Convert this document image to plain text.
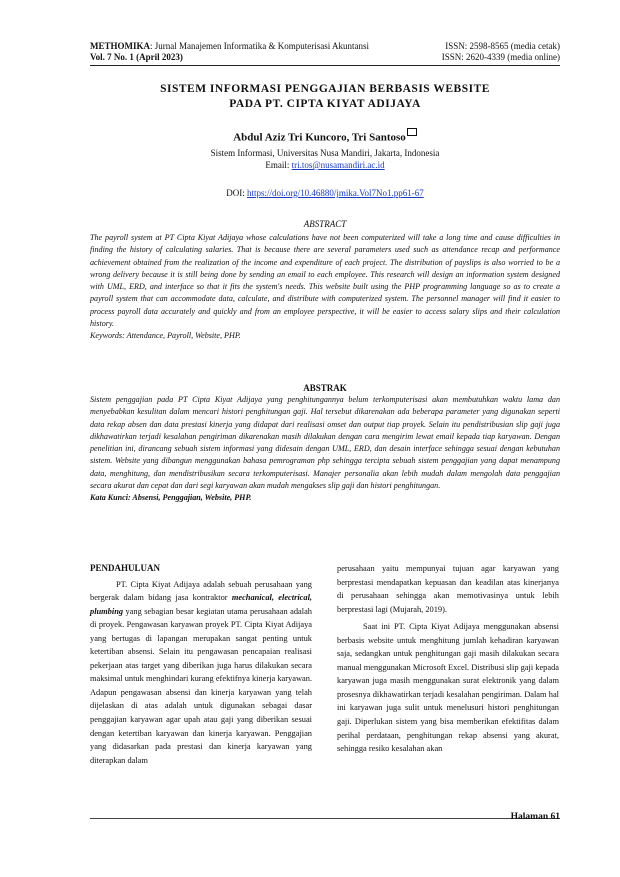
METHOMIKA: Jurnal Manajemen Informatika & Komputerisasi Akuntansi	ISSN: 2598-8565 (media cetak)
Vol. 7 No. 1 (April 2023)	ISSN: 2620-4339 (media online)
SISTEM INFORMASI PENGGAJIAN BERBASIS WEBSITE
PADA PT. CIPTA KIYAT ADIJAYA
Abdul Aziz Tri Kuncoro, Tri Santoso
Sistem Informasi, Universitas Nusa Mandiri, Jakarta, Indonesia
Email: tri.tos@nusamandiri.ac.id
DOI: https://doi.org/10.46880/jmika.Vol7No1.pp61-67
ABSTRACT
The payroll system at PT Cipta Kiyat Adijaya whose calculations have not been computerized will take a long time and cause difficulties in finding the history of calculating salaries. That is because there are several parameters used such as attendance recap and performance achievement obtained from the realization of the income and expenditure of each project. The distribution of payslips is also worried to be a wrong delivery because it is still being done by sending an email to each employee. This research will design an information system designed with UML, ERD, and interface so that it fits the system's needs. This website built using the PHP programming language so as to create a payroll system that can accommodate data, calculate, and distribute with computerized system. The personnel manager will find it easier to process payroll data accurately and quickly and from an employee perspective, it will be easier to access salary slips and their calculation history.
Keywords: Attendance, Payroll, Website, PHP.
ABSTRAK
Sistem penggajian pada PT Cipta Kiyat Adijaya yang penghitungannya belum terkomputerisasi akan membutuhkan waktu lama dan menyebabkan kesulitan dalam mencari histori penghitungan gaji. Hal tersebut dikarenakan ada beberapa parameter yang digunakan seperti data rekap absen dan data prestasi kinerja yang didapat dari realisasi omset dan output tiap proyek. Selain itu pendistribusian slip gaji juga dikhawatirkan terjadi kesalahan pengiriman dikarenakan masih dilakukan dengan cara mengirim lewat email kepada tiap karyawan. Dengan penelitian ini, dirancang sebuah sistem informasi yang didesain dengan UML, ERD, dan desain interface sehingga sesuai dengan kebutuhan sistem. Website yang dibangun menggunakan bahasa pemrograman php sehingga tercipta sebuah sistem penggajian yang dapat menampung data, menghitung, dan mendistribusikan secara terkomputerisasi. Manajer personalia akan lebih mudah dalam mengolah data penggajian secara akurat dan cepat dan dari segi karyawan akan mudah mengakses slip gaji dan histori penghitungan.
Kata Kunci: Absensi, Penggajian, Website, PHP.

PENDAHULUAN

PT. Cipta Kiyat Adijaya adalah sebuah perusahaan yang bergerak dalam bidang jasa kontraktor mechanical, electrical, plumbing yang sebagian besar kegiatan utama perusahaan adalah di proyek. Pengawasan karyawan proyek PT. Cipta Kiyat Adijaya yang bertugas di lapangan merupakan sangat penting untuk ketertiban absensi. Selain itu pengawasan pencapaian realisasi pekerjaan atas target yang diberikan juga harus dilakukan secara maksimal untuk menghindari kurang efektifnya kinerja karyawan. Adapun pengawasan absensi dan kinerja karyawan yang telah dijelaskan di atas adalah untuk digunakan sebagai dasar penggajian karyawan agar upah atau gaji yang diberikan sesuai dengan ketertiban karyawan dan kinerja karyawan. Penggajian yang didasarkan pada prestasi dan kinerja karyawan yang diterapkan dalam

perusahaan yaitu mempunyai tujuan agar karyawan yang berprestasi mendapatkan kepuasan dan keadilan atas kinerjanya di perusahaan sehingga akan memotivasinya untuk lebih berprestasi lagi (Mujarah, 2019).

Saat ini PT. Cipta Kiyat Adijaya menggunakan absensi berbasis website untuk menghitung jumlah kehadiran karyawan saja, sedangkan untuk penghitungan gaji masih dilakukan secara manual menggunakan Microsoft Excel. Distribusi slip gaji kepada karyawan juga masih menggunakan surat elektronik yang dalam prosesnya dikhawatirkan terjadi kesalahan pengiriman. Dalam hal ini karyawan juga sulit untuk menelusuri histori penghitungan gaji. Diperlukan sistem yang bisa memberikan efektifitas dalam perihal perdataan, penghitungan rekap absensi yang akurat, sehingga resiko kesalahan akan

Halaman 61
